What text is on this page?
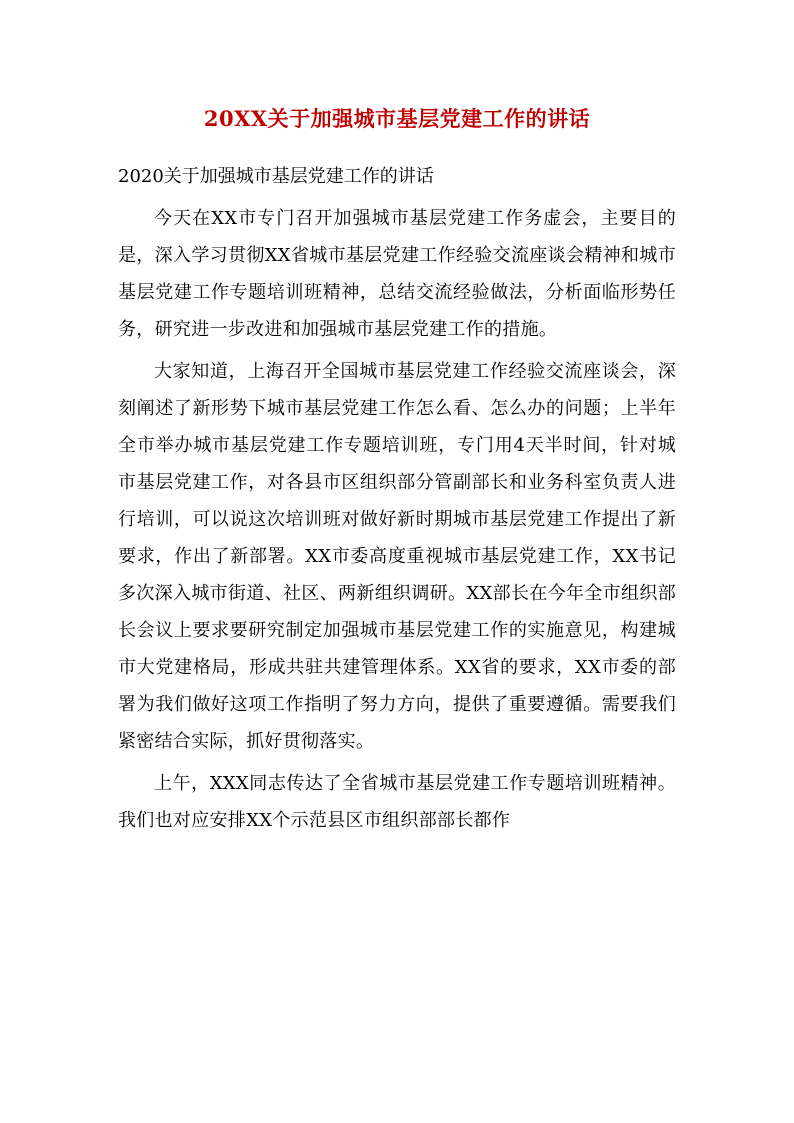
20XX关于加强城市基层党建工作的讲话

2020关于加强城市基层党建工作的讲话

今天在XX市专门召开加强城市基层党建工作务虚会，主要目的是，深入学习贯彻XX省城市基层党建工作经验交流座谈会精神和城市基层党建工作专题培训班精神，总结交流经验做法，分析面临形势任务，研究进一步改进和加强城市基层党建工作的措施。

大家知道，上海召开全国城市基层党建工作经验交流座谈会，深刻阐述了新形势下城市基层党建工作怎么看、怎么办的问题；上半年全市举办城市基层党建工作专题培训班，专门用4天半时间，针对城市基层党建工作，对各县市区组织部分管副部长和业务科室负责人进行培训，可以说这次培训班对做好新时期城市基层党建工作提出了新要求，作出了新部署。XX市委高度重视城市基层党建工作，XX书记多次深入城市街道、社区、两新组织调研。XX部长在今年全市组织部长会议上要求要研究制定加强城市基层党建工作的实施意见，构建城市大党建格局，形成共驻共建管理体系。XX省的要求，XX市委的部署为我们做好这项工作指明了努力方向，提供了重要遵循。需要我们紧密结合实际，抓好贯彻落实。

上午，XXX同志传达了全省城市基层党建工作专题培训班精神。我们也对应安排XX个示范县区市组织部部长都作
